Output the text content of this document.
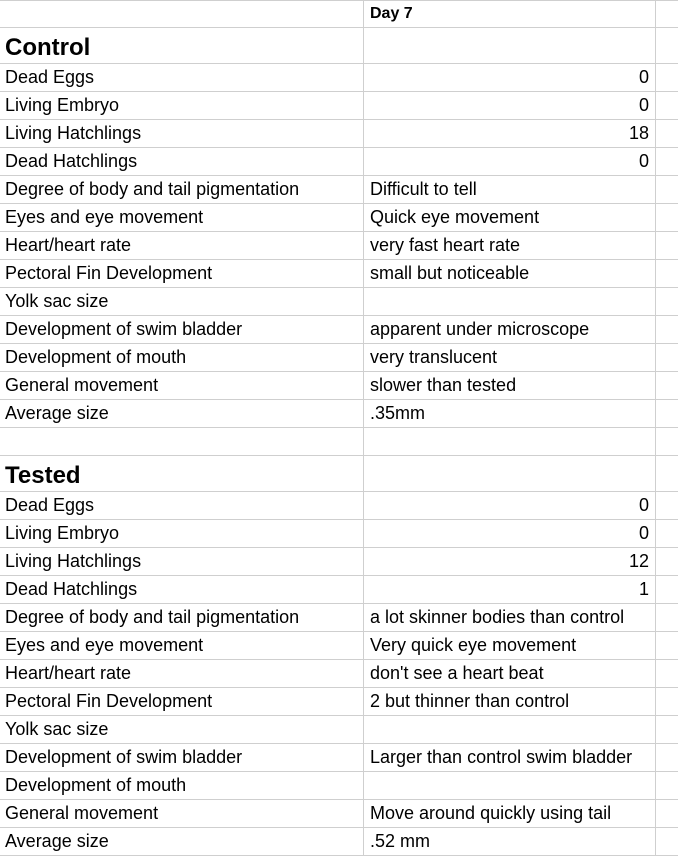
Day 7
Control
Dead Eggs	0
Living Embryo	0
Living Hatchlings	18
Dead Hatchlings	0
Degree of body and tail pigmentation	Difficult to tell
Eyes and eye movement	Quick eye movement
Heart/heart rate	very fast heart rate
Pectoral Fin Development	small but noticeable
Yolk sac size
Development of swim bladder	apparent under microscope
Development of mouth	very translucent
General movement	slower than tested
Average size	.35mm
Tested
Dead Eggs	0
Living Embryo	0
Living Hatchlings	12
Dead Hatchlings	1
Degree of body and tail pigmentation	a lot skinner bodies than control
Eyes and eye movement	Very quick eye movement
Heart/heart rate	don't see a heart beat
Pectoral Fin Development	2 but thinner than control
Yolk sac size
Development of swim bladder	Larger than control swim bladder
Development of mouth
General movement	Move around quickly using tail
Average size	.52 mm
